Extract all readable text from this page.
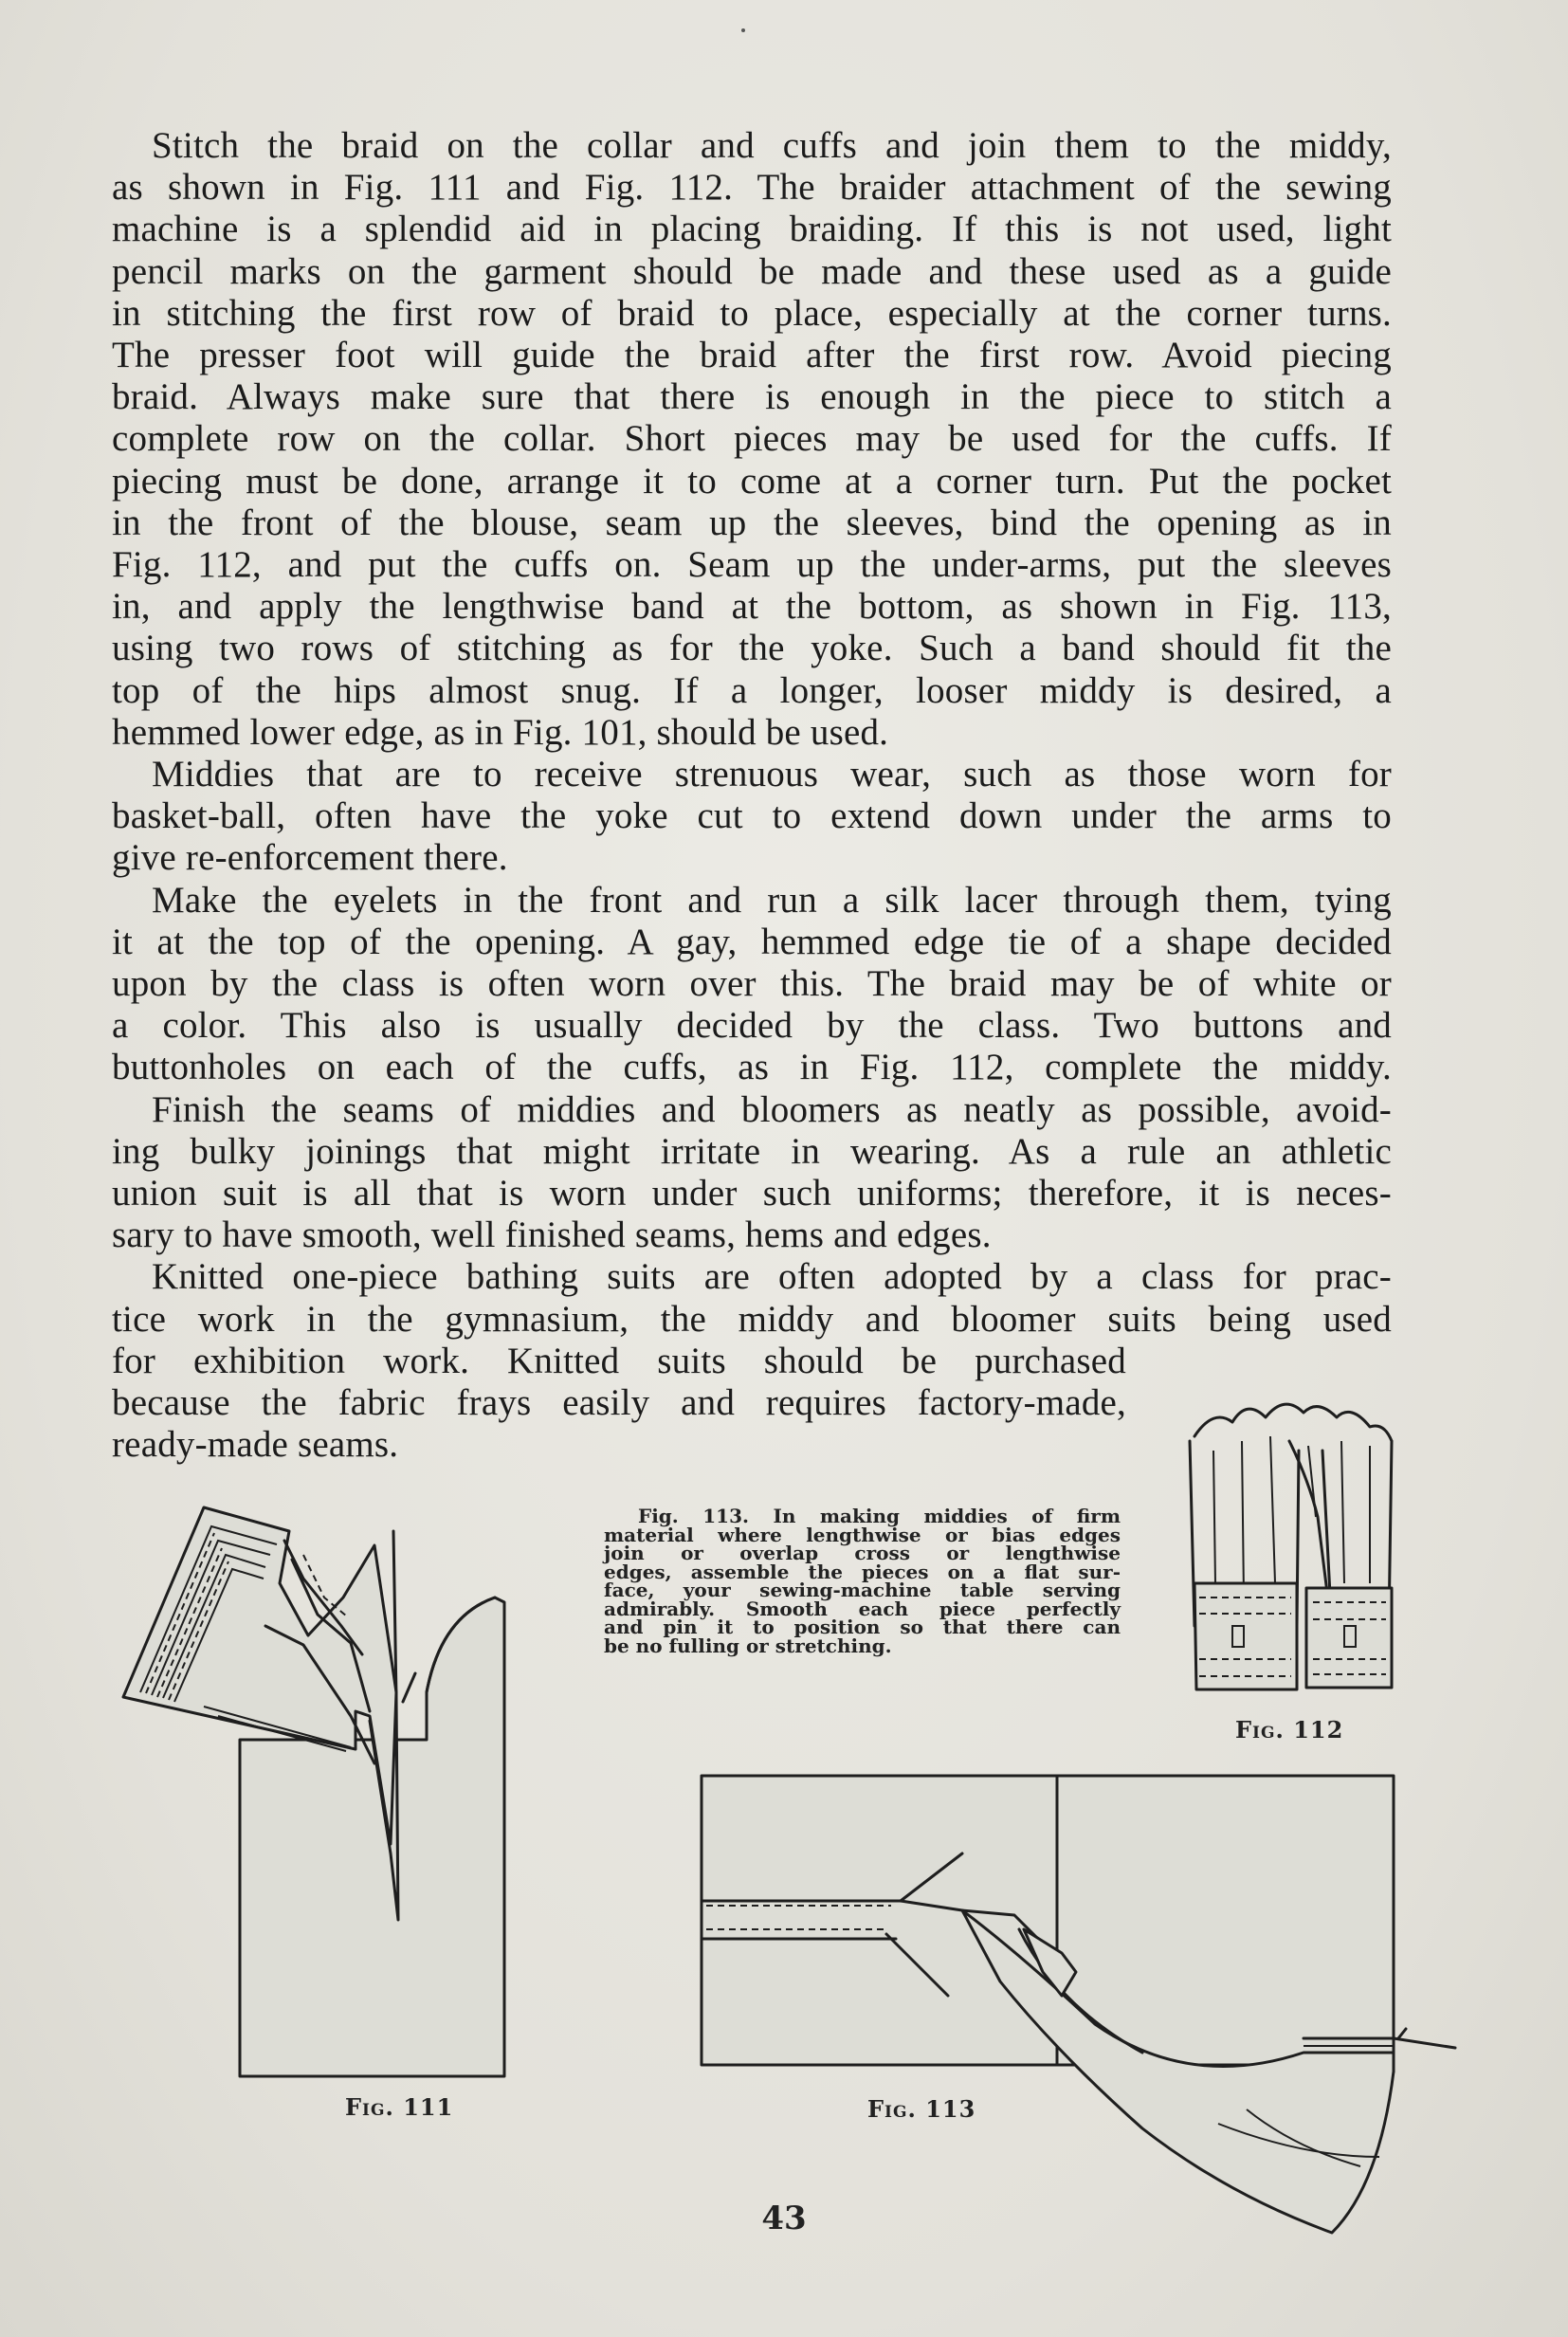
Stitch the braid on the collar and cuffs and join them to the middy,
as shown in Fig. 111 and Fig. 112. The braider attachment of the sewing
machine is a splendid aid in placing braiding. If this is not used, light
pencil marks on the garment should be made and these used as a guide
in stitching the first row of braid to place, especially at the corner turns.
The presser foot will guide the braid after the first row. Avoid piecing
braid. Always make sure that there is enough in the piece to stitch a
complete row on the collar. Short pieces may be used for the cuffs. If
piecing must be done, arrange it to come at a corner turn. Put the pocket
in the front of the blouse, seam up the sleeves, bind the opening as in
Fig. 112, and put the cuffs on. Seam up the under-arms, put the sleeves
in, and apply the lengthwise band at the bottom, as shown in Fig. 113,
using two rows of stitching as for the yoke. Such a band should fit the
top of the hips almost snug. If a longer, looser middy is desired, a
hemmed lower edge, as in Fig. 101, should be used.

Middies that are to receive strenuous wear, such as those worn for
basket-ball, often have the yoke cut to extend down under the arms to
give re-enforcement there.

Make the eyelets in the front and run a silk lacer through them, tying
it at the top of the opening. A gay, hemmed edge tie of a shape decided
upon by the class is often worn over this. The braid may be of white or
a color. This also is usually decided by the class. Two buttons and
buttonholes on each of the cuffs, as in Fig. 112, complete the middy.

Finish the seams of middies and bloomers as neatly as possible, avoid-
ing bulky joinings that might irritate in wearing. As a rule an athletic
union suit is all that is worn under such uniforms; therefore, it is neces-
sary to have smooth, well finished seams, hems and edges.

Knitted one-piece bathing suits are often adopted by a class for prac-
tice work in the gymnasium, the middy and bloomer suits being used
for exhibition work. Knitted suits should be purchased
because the fabric frays easily and requires factory-made,
ready-made seams.

Fig. 113. In making middies of firm
material where lengthwise or bias edges
join or overlap cross or lengthwise
edges, assemble the pieces on a flat sur-
face, your sewing-machine table serving
admirably. Smooth each piece perfectly
and pin it to position so that there can
be no fulling or stretching.
Fig. 111
Fig. 112
Fig. 113
43
